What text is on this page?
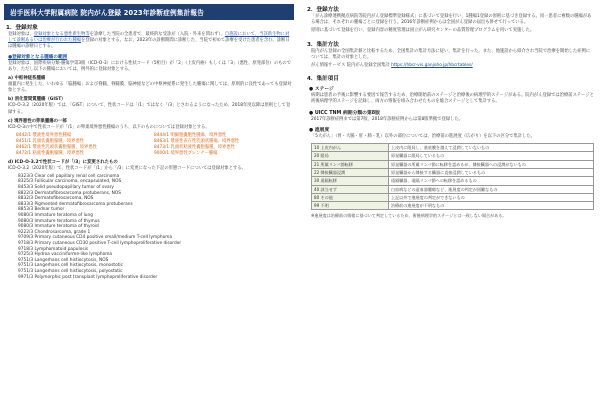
岩手医科大学附属病院 院内がん登録 2023年診断症例集計報告
1．登録対象
登録対象は、登録対象となる悪性新生物等を診療した当院の全患者で、最終的な受診が（入院・外来を問わず）、自施設において、当該新生物に対して診断あるいは治療が行われた腫瘍を登録の対象とする。なお、2023年の診断期間に診断した、当院で初めて診療を受けた患者を含む。診断日は腫瘍の診断日とする。
●登録対象となる腫瘍の範囲
登録対象は、国際疾病分類-腫瘍学第3版（ICD-O-3）における性状コード（5桁目）が「2」（上皮内癌）もしくは「3」（悪性、原発部位）のものであり、ただし以下の腫瘍においては、例外的に登録対象とする。
a) 中枢神経系腫瘍
頭蓋内に発生した、いわゆる「脳腫瘍」および脊髄、脊髄膜、脳神経などの中枢神経系に発生した腫瘍に関しては、原則的に良性であっても登録対象とする。
b) 消化管間質腫瘍（GIST）
ICD-O-3.2（2020年版）では、「GIST」について、性状コードは「/1」ではなく「/3」とされるようになったため、2018年度以降は原則として登録する。
c) 境界悪性の卵巣腫瘍の一部
ICD-O-3の中で性状コードが「/1」の卵巣境界悪性腫瘍のうち、以下のものについては登録対象とする。
8442/1 漿液性境界悪性腫瘍
8451/1 乳頭状嚢胞腺腫、境界悪性
8462/1 漿液性乳頭状嚢胞腺腫、境界悪性
8472/1 粘液性嚢胞腺腫、境界悪性
8444/1 明細胞嚢胞性腫瘍、境界悪性
8463/1 漿液性表在性乳頭状腫瘍、境界悪性
8473/1 乳頭状粘液性嚢胞腺腫、境界悪性
9000/1 境界悪性ブレンナー腫瘍
d) ICD-O-3.2で性状コードが「/3」に変更されたもの
ICD-O-3.2（2020年版）で、性状コードが「/1」から「/3」に変更になった下記の形態コードについては登録対象とする。
8323/3 Clear cell papillary renal cell carcinoma
8325/3 Follicular carcinoma, encapsulated, NOS
8453/3 Solid pseudopapillary tumor of ovary
8822/3 Dermatofibrosarcoma protuberans, NOS
8832/3 Dermatofibrosarcoma, NOS
8833/3 Pigmented dermatofibrosarcoma protuberans
8853/3 Bednar tumor
9080/3 Immature teratoma of lung
9080/3 Immature teratoma of thymus
9080/3 Immature teratoma of thyroid
9222/3 Chondrosarcoma, grade 1
9709/3 Primary cutaneous CD4 positive small/medium T-cell lymphoma
9718/3 Primary cutaneous CD30 positive T-cell lymphoproliferative disorder
9718/3 Lymphomatoid papulosis
9725/3 Hydroa vacciniforme-like lymphoma
9751/3 Langerhans cell histiocytosis, NOS
9751/3 Langerhans cell histiocytosis, monostotic
9751/3 Langerhans cell histiocytosis, polyostotic
9971/3 Polymorphic post transplant lymphoproliferative disorder
2．登録方法
「がん診療連携拠点病院等院内がん登録標準登録様式」に基づいて登録を行い、1腫瘍1登録の原則に基づき登録する。同一患者に複数の腫瘍がある場合は、それぞれの腫瘍ごとに登録を行う。2016年診断症例からは全国がん登録の届出も併せて行っている。
原則に基づいて登録を行い、登録内容の精度管理は国立がん研究センターの品質管理プログラムを用いて実施した。
3．集計方法
院内がん登録の全国集計値と比較するため、全国集計の集計方法に従い、集計を行った。また、他施設から紹介され当院で治療を開始した症例については、集計の対象とした。
がん情報サービス 院内がん登録全国集計 https://hbcr-vis.ganjoho.jp/hbcrtables/
4．集計項目
● ステージ
病期は患者の予後に影響する要因で報告するため、治療開始前のステージと治療後の病理学的ステージがある。院内がん登録では治療前ステージと術後病理学的ステージを記録し、両方の情報を組み合わせたものを総合ステージとして集計する。
● UICC TNM 病期分類の第8版
2017年診断症例までは第7版、2018年診断症例からは第8版準拠で登録した。
● 進展度
「5大がん」（胃・大腸・肝・肺・乳）以外の部位については、治療前の進展度（広がり）を以下の区分で集計した。
10 上皮内がん	上皮内に限局し、基底膜を越えて浸潤していないもの
20 限局	原発臓器に限局しているもの
21 所属リンパ節転移	原発臓器の所属リンパ節に転移を認めるが、隣接臓器への浸潤がないもの
22 隣接臓器浸潤	原発臓器から隣接する臓器に直接浸潤しているもの
30 遠隔転移	遠隔臓器、遠隔リンパ節への転移を認めるもの
40 該当せず	白血病などの造血器腫瘍など、進展度の判定が困難なもの
80 その他	上記以外で進展度の判定ができないもの
99 不明	治療前の進展度が不明なもの
※進展度は治療前の情報に基づいて判定しているため、術後病理学的ステージとは一致しない場合がある。
